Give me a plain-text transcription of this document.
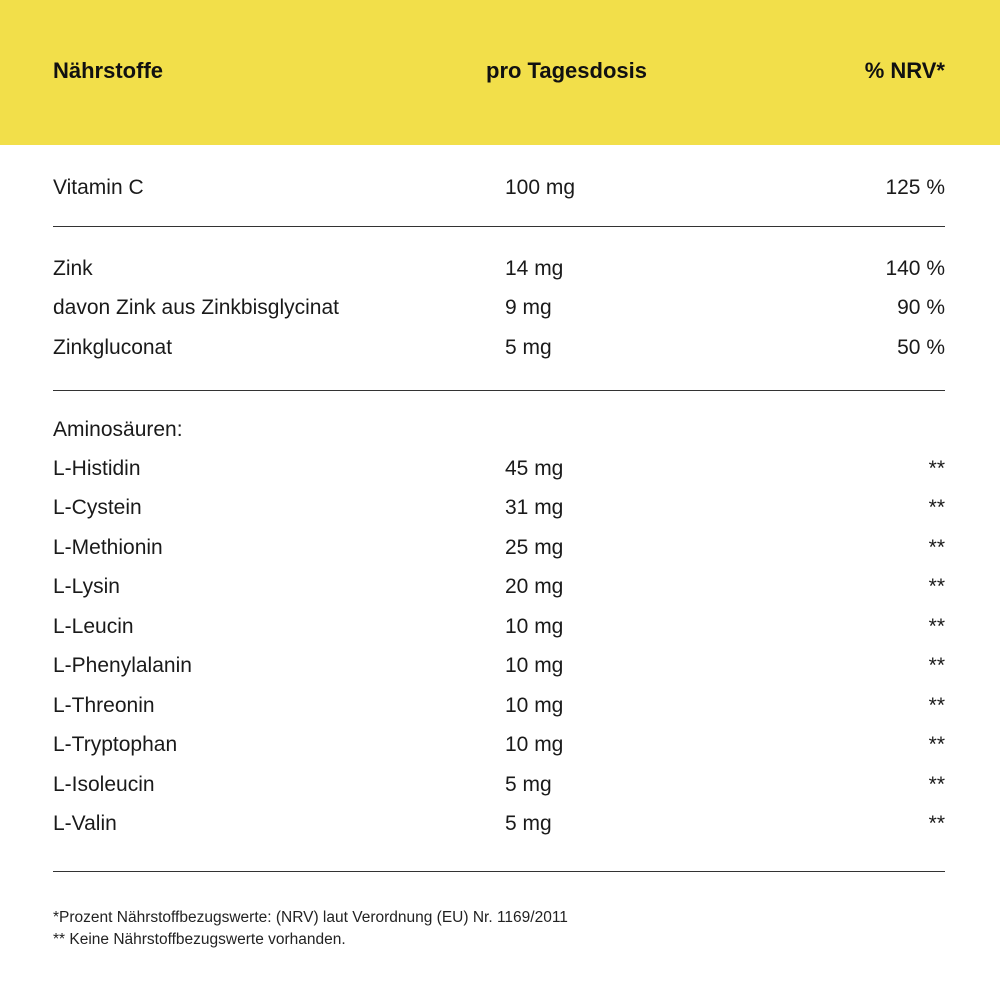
Nährstoffe	pro Tagesdosis	% NRV*
Vitamin C	100 mg	125 %
Zink	14 mg	140 %
davon Zink aus Zinkbisglycinat	9 mg	90 %
Zinkgluconat	5 mg	50 %
Aminosäuren:
L-Histidin	45 mg	**
L-Cystein	31 mg	**
L-Methionin	25 mg	**
L-Lysin	20 mg	**
L-Leucin	10 mg	**
L-Phenylalanin	10 mg	**
L-Threonin	10 mg	**
L-Tryptophan	10 mg	**
L-Isoleucin	5 mg	**
L-Valin	5 mg	**
*Prozent Nährstoffbezugswerte: (NRV) laut Verordnung (EU) Nr. 1169/2011
** Keine Nährstoffbezugswerte vorhanden.
